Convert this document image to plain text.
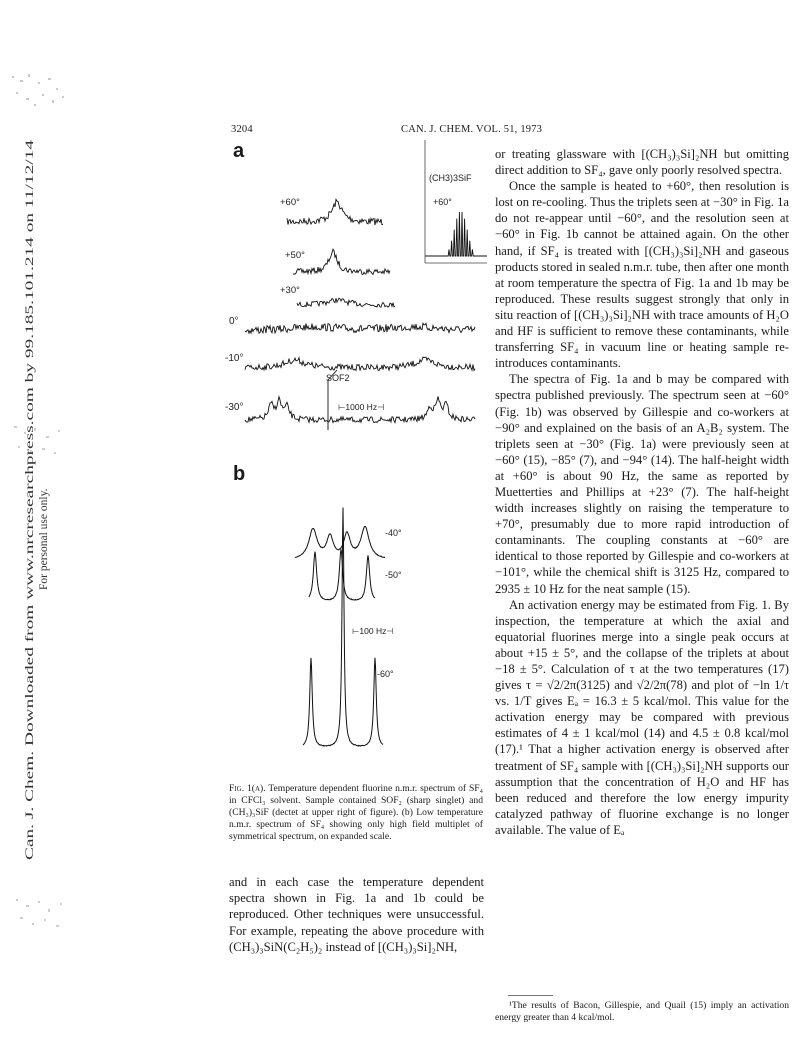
Can. J. Chem. Downloaded from www.nrcresearchpress.com by 99.185.101.214 on 11/12/14 For personal use only.
3204	CAN. J. CHEM. VOL. 51, 1973
a
b
+60°
+50°
+30°
0°
-10°
-30°
(CH3)3SiF
+60°
SOF2
⊢1000 Hz⊣
-40°
-50°
-60°
⊢100 Hz⊣
Fig. 1(a). Temperature dependent fluorine n.m.r. spectrum of SF₄ in CFCl₃ solvent. Sample contained SOF₂ (sharp singlet) and (CH₃)₃SiF (dectet at upper right of figure). (b) Low temperature n.m.r. spectrum of SF₄ showing only high field multiplet of symmetrical spectrum, on expanded scale.

and in each case the temperature dependent spectra shown in Fig. 1a and 1b could be reproduced. Other techniques were unsuccessful. For example, repeating the above procedure with (CH₃)₃SiN(C₂H₅)₂ instead of [(CH₃)₃Si]₂NH,

or treating glassware with [(CH₃)₃Si]₂NH but omitting direct addition to SF₄, gave only poorly resolved spectra.

Once the sample is heated to +60°, then resolution is lost on re-cooling. Thus the triplets seen at −30° in Fig. 1a do not re-appear until −60°, and the resolution seen at −60° in Fig. 1b cannot be attained again. On the other hand, if SF₄ is treated with [(CH₃)₃Si]₂NH and gaseous products stored in sealed n.m.r. tube, then after one month at room temperature the spectra of Fig. 1a and 1b may be reproduced. These results suggest strongly that only in situ reaction of [(CH₃)₃Si]₂NH with trace amounts of H₂O and HF is sufficient to remove these contaminants, while transferring SF₄ in vacuum line or heating sample re-introduces contaminants.

The spectra of Fig. 1a and b may be compared with spectra published previously. The spectrum seen at −60° (Fig. 1b) was observed by Gillespie and co-workers at −90° and explained on the basis of an A₂B₂ system. The triplets seen at −30° (Fig. 1a) were previously seen at −60° (15), −85° (7), and −94° (14). The half-height width at +60° is about 90 Hz, the same as reported by Muetterties and Phillips at +23° (7). The half-height width increases slightly on raising the temperature to +70°, presumably due to more rapid introduction of contaminants. The coupling constants at −60° are identical to those reported by Gillespie and co-workers at −101°, while the chemical shift is 3125 Hz, compared to 2935 ± 10 Hz for the neat sample (15).

An activation energy may be estimated from Fig. 1. By inspection, the temperature at which the axial and equatorial fluorines merge into a single peak occurs at about +15 ± 5°, and the collapse of the triplets at about −18 ± 5°. Calculation of τ at the two temperatures (17) gives τ = √2/2π(3125) and √2/2π(78) and plot of −ln 1/τ vs. 1/T gives Eₐ = 16.3 ± 5 kcal/mol. This value for the activation energy may be compared with previous estimates of 4 ± 1 kcal/mol (14) and 4.5 ± 0.8 kcal/mol (17).¹ That a higher activation energy is observed after treatment of SF₄ sample with [(CH₃)₃Si]₂NH supports our assumption that the concentration of H₂O and HF has been reduced and therefore the low energy impurity catalyzed pathway of fluorine exchange is no longer available. The value of Eₐ

¹The results of Bacon, Gillespie, and Quail (15) imply an activation energy greater than 4 kcal/mol.
